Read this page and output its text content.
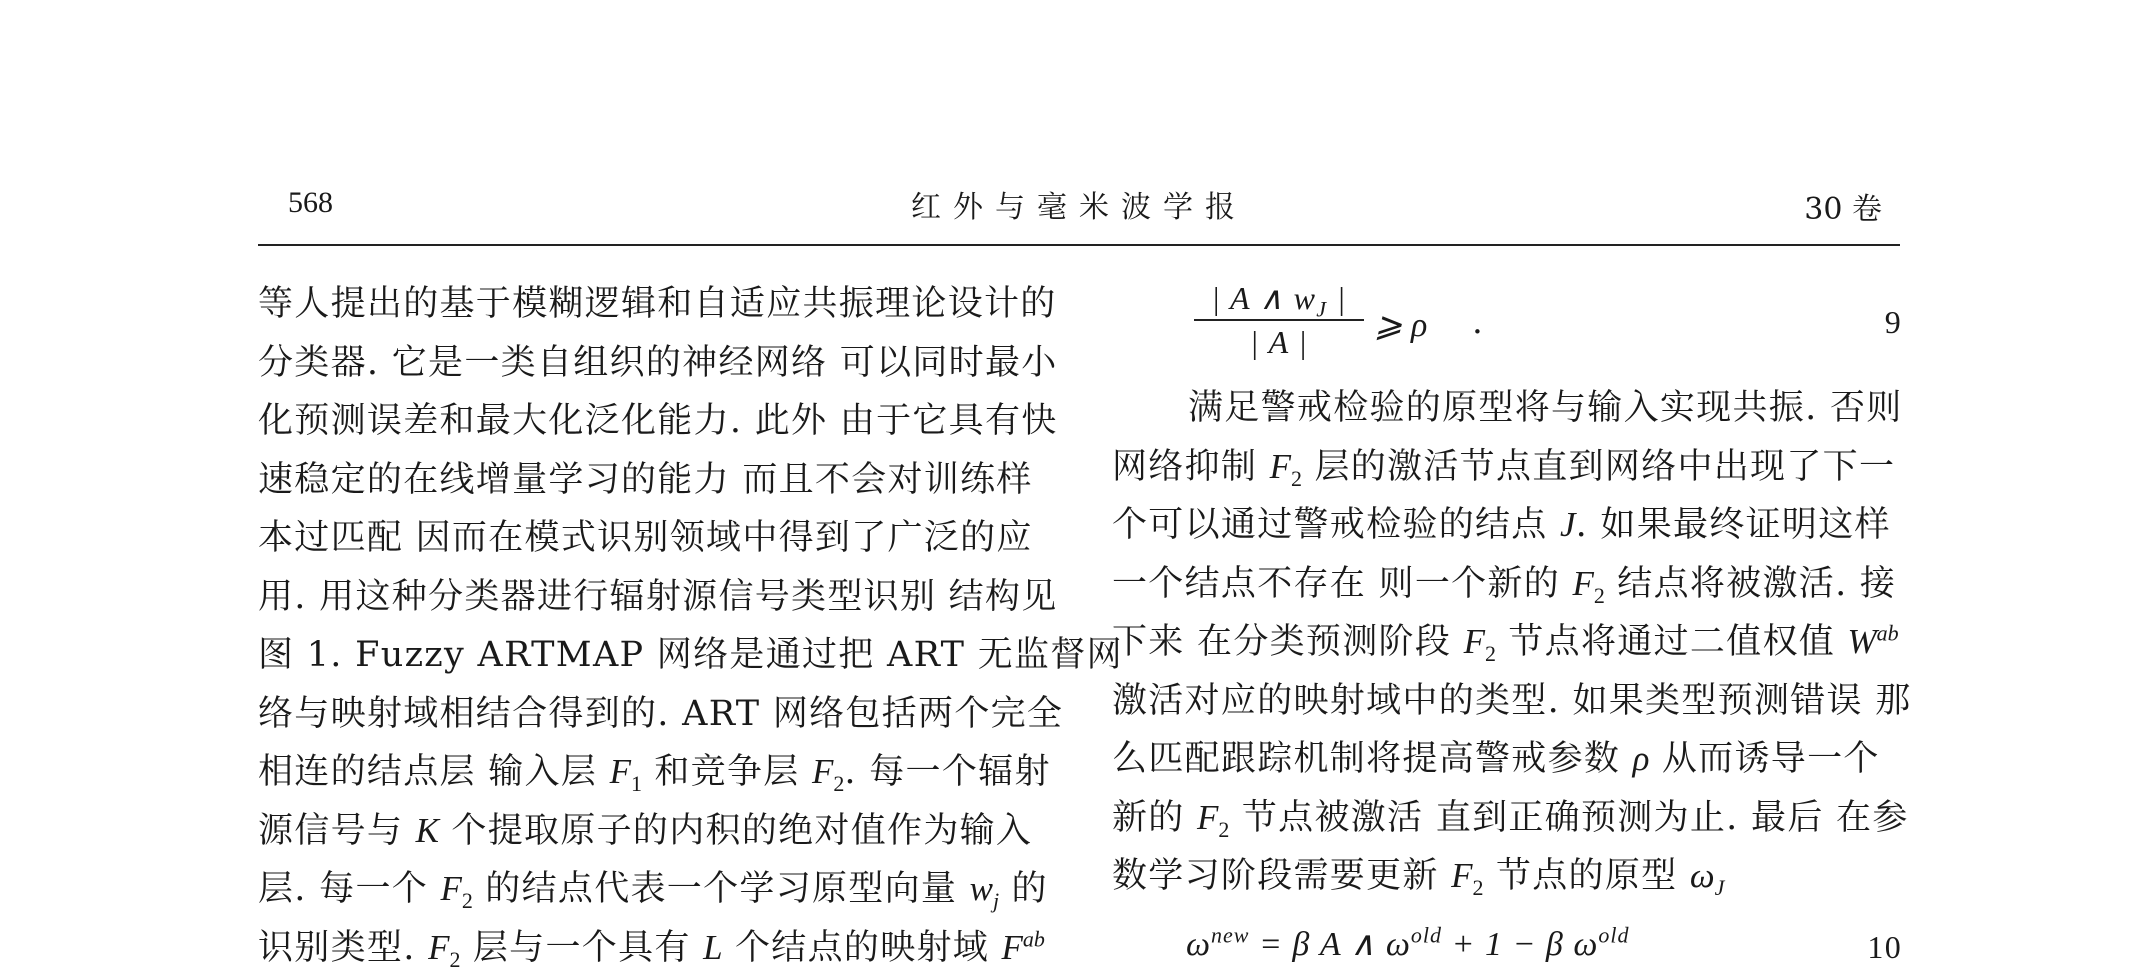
568	红外与毫米波学报	30 卷
等人提出的基于模糊逻辑和自适应共振理论设计的
分类器. 它是一类自组织的神经网络 可以同时最小
化预测误差和最大化泛化能力. 此外 由于它具有快
速稳定的在线增量学习的能力 而且不会对训练样
本过匹配 因而在模式识别领域中得到了广泛的应
用. 用这种分类器进行辐射源信号类型识别 结构见
图 1. Fuzzy ARTMAP 网络是通过把 ART 无监督网
络与映射域相结合得到的. ART 网络包括两个完全
相连的结点层 输入层 $F_1$ 和竞争层 $F_2$. 每一个辐射
源信号与 K 个提取原子的内积的绝对值作为输入
层. 每一个 $F_2$ 的结点代表一个学习原型向量 $w_j$ 的
识别类型. $F_2$ 层与一个具有 L 个结点的映射域 $F^{ab}$
| A ∧ $w_J$ |
| A |	⩾ ρ .	9
满足警戒检验的原型将与输入实现共振. 否则
网络抑制 $F_2$ 层的激活节点直到网络中出现了下一
个可以通过警戒检验的结点 J. 如果最终证明这样
一个结点不存在 则一个新的 $F_2$ 结点将被激活. 接
下来 在分类预测阶段 $F_2$ 节点将通过二值权值 $W^{ab}$
激活对应的映射域中的类型. 如果类型预测错误 那
么匹配跟踪机制将提高警戒参数 ρ 从而诱导一个
新的 $F_2$ 节点被激活 直到正确预测为止. 最后 在参
数学习阶段需要更新 $F_2$ 节点的原型 $\omega_J$
$\omega^{new} = \beta$ A ∧ $\omega^{old} + 1 - \beta$ $\omega^{old}$	10
